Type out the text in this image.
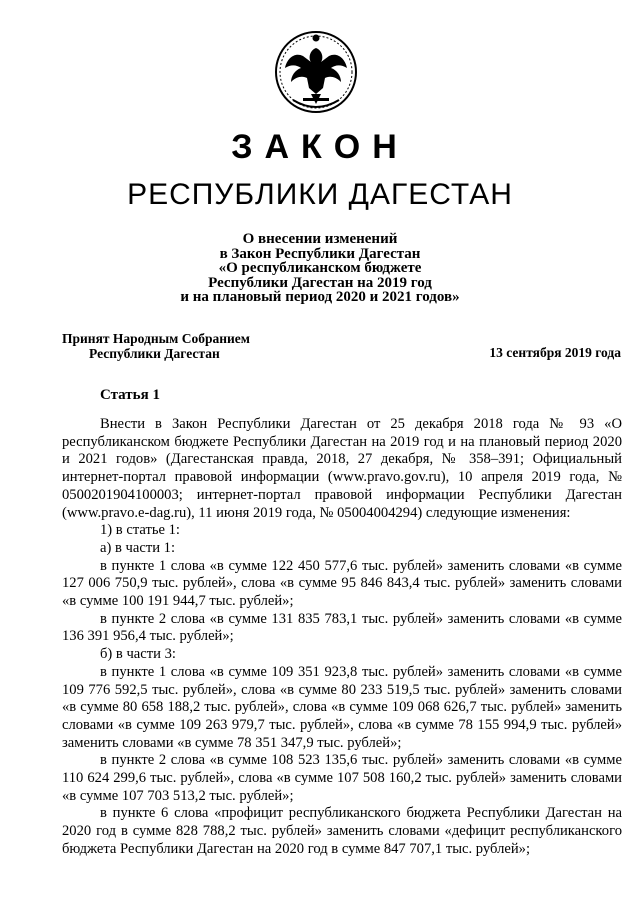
ЗАКОН
РЕСПУБЛИКИ ДАГЕСТАН
О внесении изменений
в Закон Республики Дагестан
«О республиканском бюджете
Республики Дагестан на 2019 год
и на плановый период 2020 и 2021 годов»
Принят Народным Собранием
Республики Дагестан	13 сентября 2019 года
Статья 1

Внести в Закон Республики Дагестан от 25 декабря 2018 года № 93 «О республиканском бюджете Республики Дагестан на 2019 год и на плановый период 2020 и 2021 годов» (Дагестанская правда, 2018, 27 декабря, № 358–391; Официальный интернет-портал правовой информации (www.pravo.gov.ru), 10 апреля 2019 года, № 0500201904100003; интернет-портал правовой информации Республики Дагестан (www.pravo.e-dag.ru), 11 июня 2019 года, № 05004004294) следующие изменения:

1) в статье 1:

а) в части 1:

в пункте 1 слова «в сумме 122 450 577,6 тыс. рублей» заменить словами «в сумме 127 006 750,9 тыс. рублей», слова «в сумме 95 846 843,4 тыс. рублей» заменить словами «в сумме 100 191 944,7 тыс. рублей»;

в пункте 2 слова «в сумме 131 835 783,1 тыс. рублей» заменить словами «в сумме 136 391 956,4 тыс. рублей»;

б) в части 3:

в пункте 1 слова «в сумме 109 351 923,8 тыс. рублей» заменить словами «в сумме 109 776 592,5 тыс. рублей», слова «в сумме 80 233 519,5 тыс. рублей» заменить словами «в сумме 80 658 188,2 тыс. рублей», слова «в сумме 109 068 626,7 тыс. рублей» заменить словами «в сумме 109 263 979,7 тыс. рублей», слова «в сумме 78 155 994,9 тыс. рублей» заменить словами «в сумме 78 351 347,9 тыс. рублей»;

в пункте 2 слова «в сумме 108 523 135,6 тыс. рублей» заменить словами «в сумме 110 624 299,6 тыс. рублей», слова «в сумме 107 508 160,2 тыс. рублей» заменить словами «в сумме 107 703 513,2 тыс. рублей»;

в пункте 6 слова «профицит республиканского бюджета Республики Дагестан на 2020 год в сумме 828 788,2 тыс. рублей» заменить словами «дефицит республиканского бюджета Республики Дагестан на 2020 год в сумме 847 707,1 тыс. рублей»;
